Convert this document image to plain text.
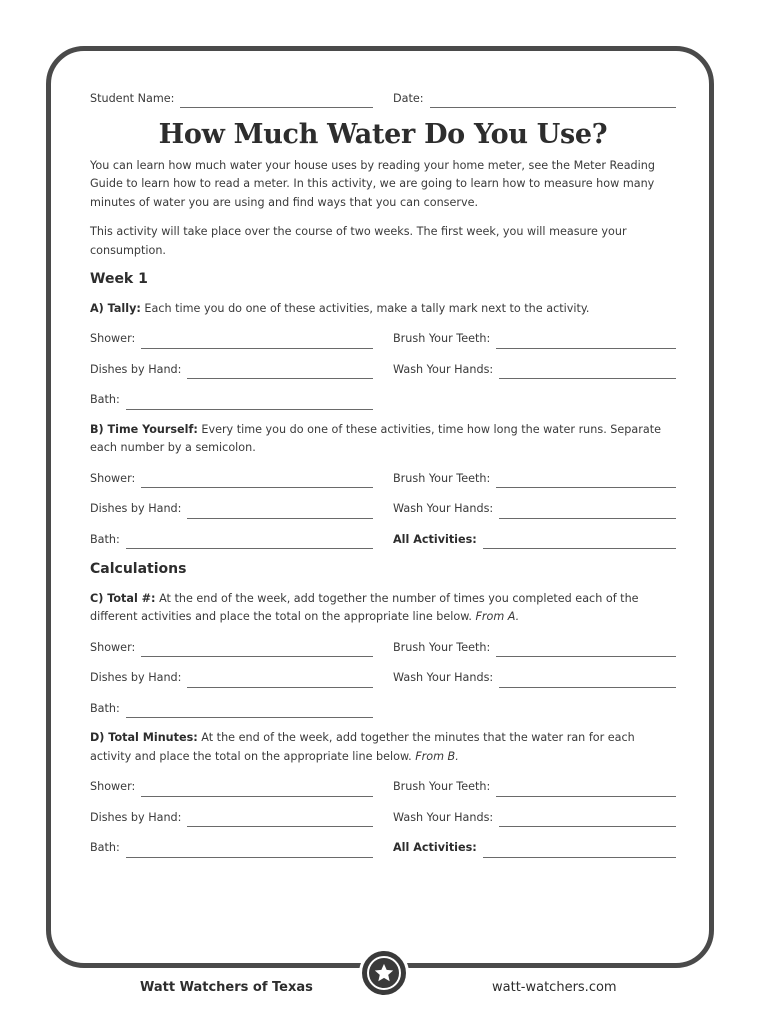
Student Name:	Date:
How Much Water Do You Use?

You can learn how much water your house uses by reading your home meter, see the Meter Reading Guide to learn how to read a meter. In this activity, we are going to learn how to measure how many minutes of water you are using and find ways that you can conserve.

This activity will take place over the course of two weeks. The first week, you will measure your consumption.

Week 1

A) Tally: Each time you do one of these activities, make a tally mark next to the activity.

Shower:	Brush Your Teeth:
Dishes by Hand:	Wash Your Hands:
Bath:

B) Time Yourself: Every time you do one of these activities, time how long the water runs. Separate each number by a semicolon.

Shower:	Brush Your Teeth:
Dishes by Hand:	Wash Your Hands:
Bath:	All Activities:
Calculations

C) Total #: At the end of the week, add together the number of times you completed each of the different activities and place the total on the appropriate line below. From A.

Shower:	Brush Your Teeth:
Dishes by Hand:	Wash Your Hands:
Bath:

D) Total Minutes: At the end of the week, add together the minutes that the water ran for each activity and place the total on the appropriate line below. From B.

Shower:	Brush Your Teeth:
Dishes by Hand:	Wash Your Hands:
Bath:	All Activities:
Watt Watchers of Texas	watt-watchers.com
